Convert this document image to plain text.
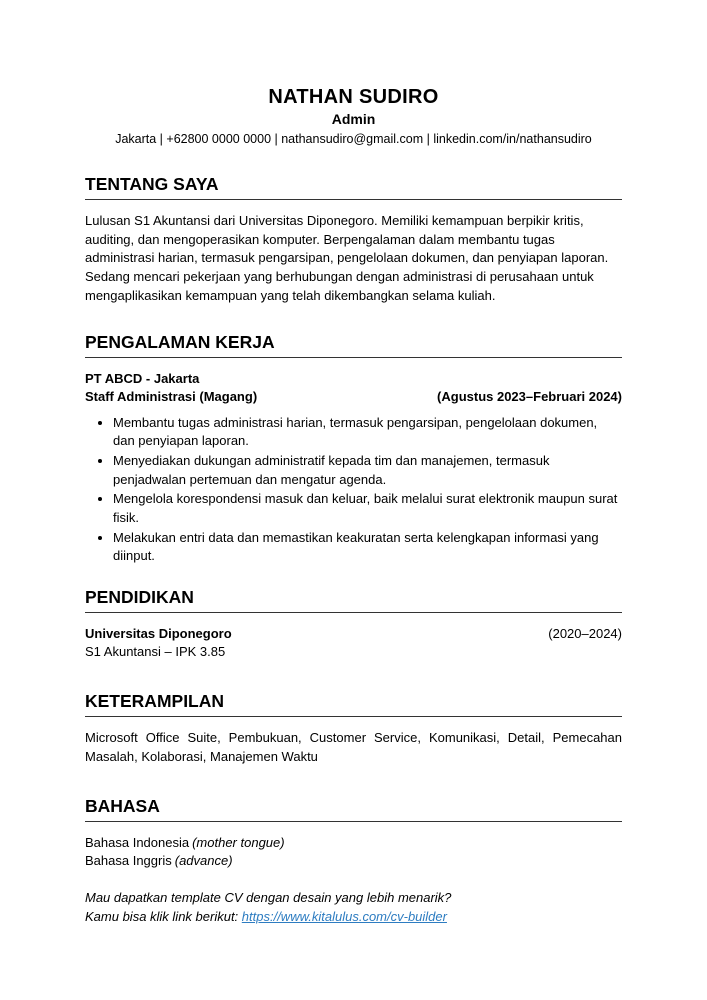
NATHAN SUDIRO
Admin
Jakarta | +62800 0000 0000 | nathansudiro@gmail.com | linkedin.com/in/nathansudiro
TENTANG SAYA
Lulusan S1 Akuntansi dari Universitas Diponegoro. Memiliki kemampuan berpikir kritis, auditing, dan mengoperasikan komputer. Berpengalaman dalam membantu tugas administrasi harian, termasuk pengarsipan, pengelolaan dokumen, dan penyiapan laporan. Sedang mencari pekerjaan yang berhubungan dengan administrasi di perusahaan untuk mengaplikasikan kemampuan yang telah dikembangkan selama kuliah.
PENGALAMAN KERJA
PT ABCD - Jakarta
Staff Administrasi (Magang)	(Agustus 2023–Februari 2024)
• Membantu tugas administrasi harian, termasuk pengarsipan, pengelolaan dokumen, dan penyiapan laporan.
• Menyediakan dukungan administratif kepada tim dan manajemen, termasuk penjadwalan pertemuan dan mengatur agenda.
• Mengelola korespondensi masuk dan keluar, baik melalui surat elektronik maupun surat fisik.
• Melakukan entri data dan memastikan keakuratan serta kelengkapan informasi yang diinput.
PENDIDIKAN
Universitas Diponegoro	(2020–2024)
S1 Akuntansi – IPK 3.85
KETERAMPILAN
Microsoft Office Suite, Pembukuan, Customer Service, Komunikasi, Detail, Pemecahan Masalah, Kolaborasi, Manajemen Waktu
BAHASA
Bahasa Indonesia (mother tongue)
Bahasa Inggris (advance)
Mau dapatkan template CV dengan desain yang lebih menarik?
Kamu bisa klik link berikut: https://www.kitalulus.com/cv-builder
